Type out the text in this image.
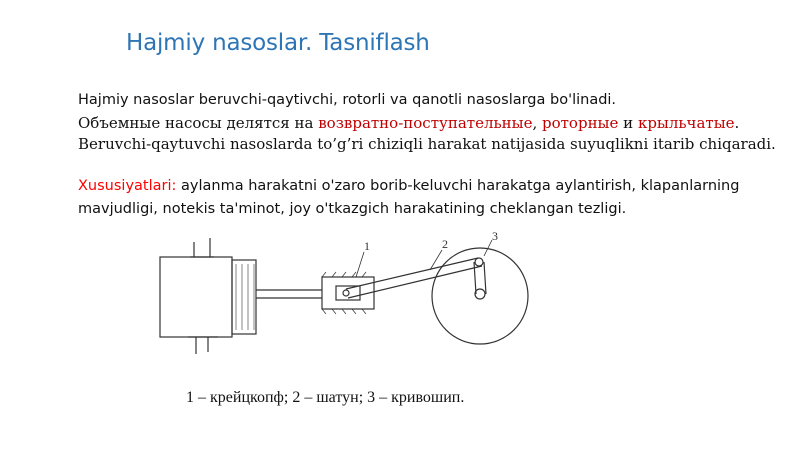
Hajmiy nasoslar. Tasniflash
Hajmiy nasoslar beruvchi-qaytivchi, rotorli va qanotli nasoslarga bo'linadi.
Объемные насосы делятся на возвратно-поступательные, роторные и крыльчатые.
Beruvchi-qaytuvchi nasoslarda to’g’ri chiziqli harakat natijasida suyuqlikni itarib chiqaradi.
Xususiyatlari: aylanma harakatni o'zaro borib-keluvchi harakatga aylantirish, klapanlarning
mavjudligi, notekis ta'minot, joy o'tkazgich harakatining cheklangan tezligi.
1	2
3
1 – крейцкопф; 2 – шатун; 3 – кривошип.
